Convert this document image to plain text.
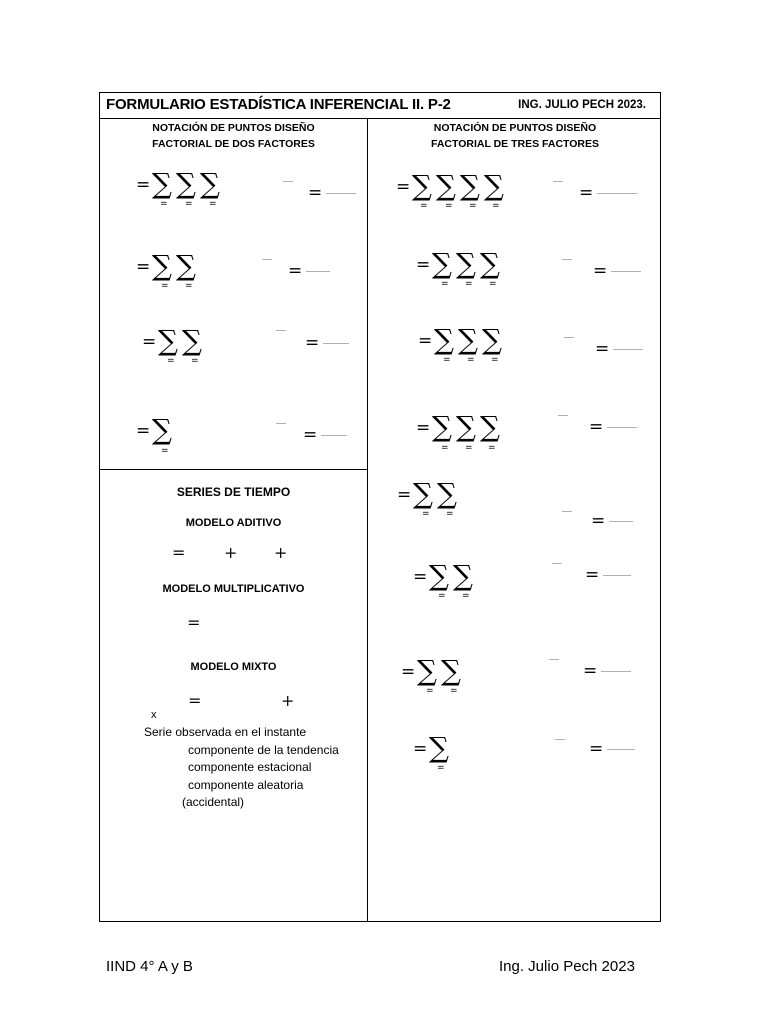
FORMULARIO ESTADÍSTICA INFERENCIAL II. P-2	ING. JULIO PECH 2023.
NOTACIÓN DE PUNTOS DISEÑO
FACTORIAL DE DOS FACTORES
NOTACIÓN DE PUNTOS DISEÑO
FACTORIAL DE TRES FACTORES
= ∑ ∑ ∑
= = =
=
= ∑ ∑
= =
=
= ∑ ∑
= =
=
= ∑
=
=
SERIES DE TIEMPO
MODELO ADITIVO
= + +
MODELO MULTIPLICATIVO
=
MODELO MIXTO
=	+
x
Serie observada en el instante
componente de la tendencia
componente estacional
componente aleatoria
(accidental)
= ∑ ∑ ∑ ∑
= = = =
=
= ∑ ∑ ∑
= = =
=
= ∑ ∑ ∑
= = =
=
= ∑ ∑ ∑
= = =
=
= ∑ ∑
= =	=
= ∑ ∑
= =
=
= ∑ ∑
= =
=
= ∑
=
=
IIND 4° A y B	Ing. Julio Pech 2023
